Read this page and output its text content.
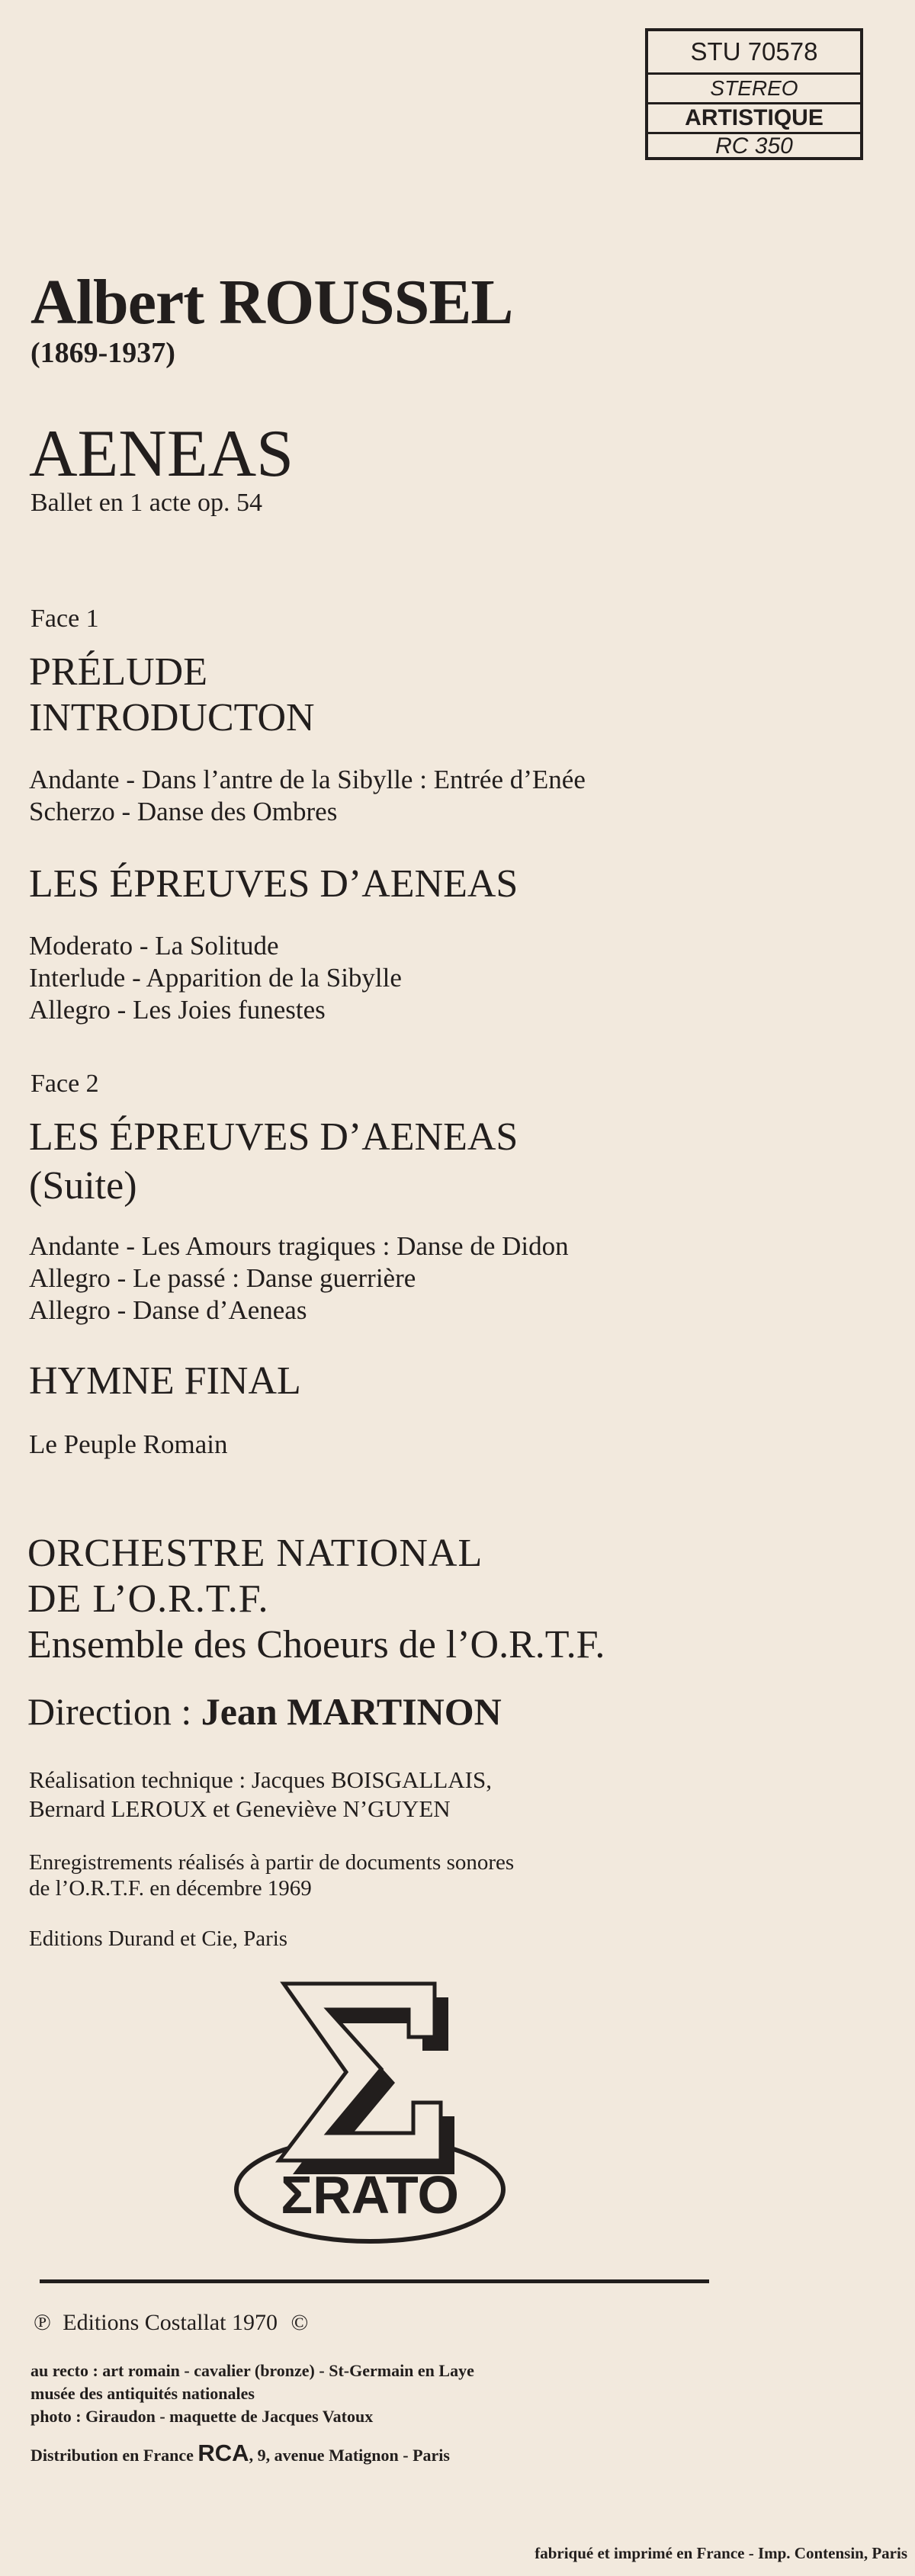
STU 70578
STEREO
ARTISTIQUE
RC 350
Albert ROUSSEL
(1869-1937)
AENEAS
Ballet en 1 acte op. 54
Face 1
PRÉLUDE
INTRODUCTON
Andante - Dans l’antre de la Sibylle : Entrée d’Enée
Scherzo - Danse des Ombres
LES ÉPREUVES D’AENEAS
Moderato - La Solitude
Interlude - Apparition de la Sibylle
Allegro - Les Joies funestes
Face 2
LES ÉPREUVES D’AENEAS
(Suite)
Andante - Les Amours tragiques : Danse de Didon
Allegro - Le passé : Danse guerrière
Allegro - Danse d’Aeneas
HYMNE FINAL
Le Peuple Romain
ORCHESTRE NATIONAL
DE L’O.R.T.F.
Ensemble des Choeurs de l’O.R.T.F.
Direction : Jean MARTINON
Réalisation technique : Jacques BOISGALLAIS,
Bernard LEROUX et Geneviève N’GUYEN
Enregistrements réalisés à partir de documents sonores
de l’O.R.T.F. en décembre 1969
Editions Durand et Cie, Paris
ΣRATO
℗ Editions Costallat 1970 ©
au recto : art romain - cavalier (bronze) - St-Germain en Laye
musée des antiquités nationales
photo : Giraudon - maquette de Jacques Vatoux
Distribution en France RCA, 9, avenue Matignon - Paris
fabriqué et imprimé en France - Imp. Contensin, Paris
